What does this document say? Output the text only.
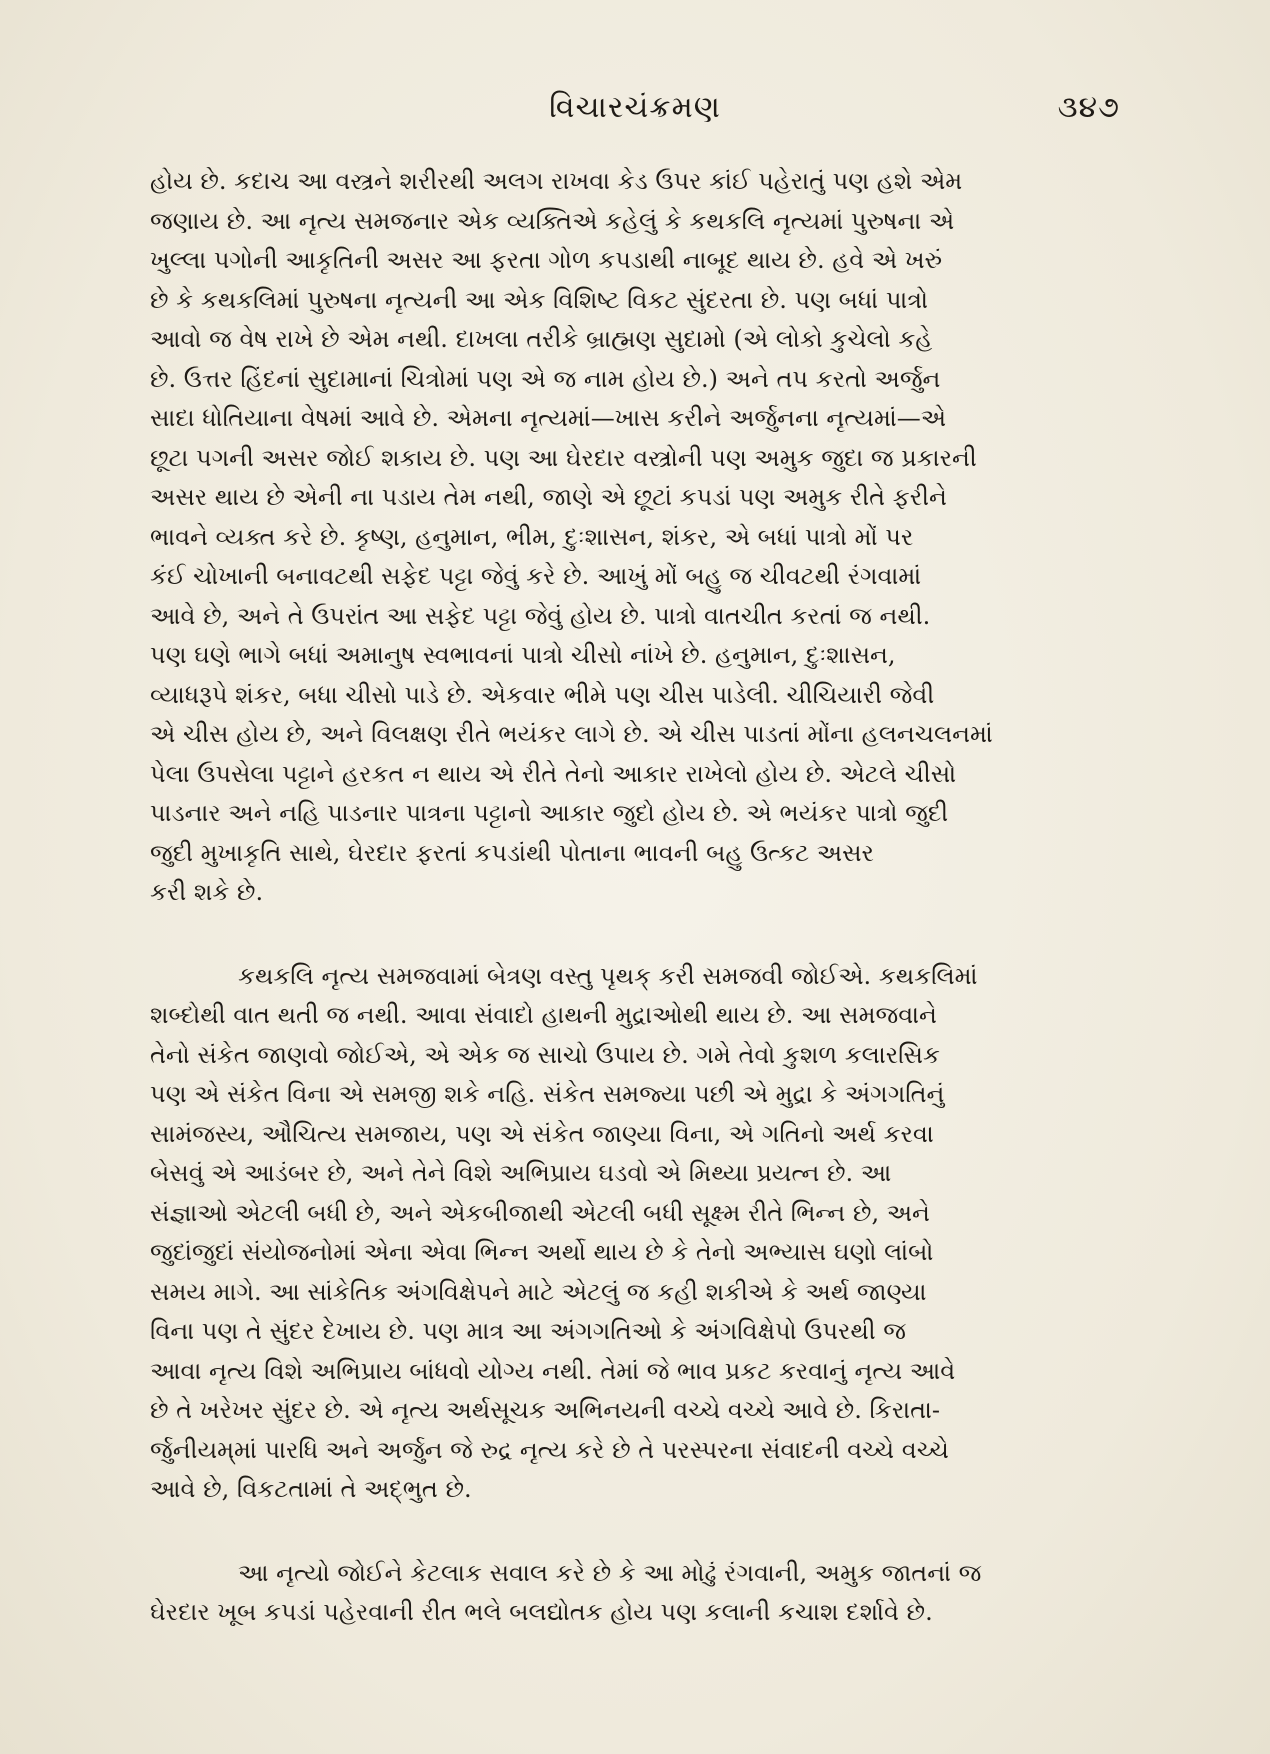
વિચારચંક્રમણ	૩૪૭
હોય છે. કદાચ આ વસ્ત્રને શરીરથી અલગ રાખવા કેડ ઉપર કાંઈ પહેરાતું પણ હશે એમ
જણાય છે. આ નૃત્ય સમજનાર એક વ્યક્તિએ કહેલું કે કથકલિ નૃત્યમાં પુરુષના એ
ખુલ્લા પગોની આકૃતિની અસર આ ફરતા ગોળ કપડાથી નાબૂદ થાય છે. હવે એ ખરું
છે કે કથકલિમાં પુરુષના નૃત્યની આ એક વિશિષ્ટ વિકટ સુંદરતા છે. પણ બધાં પાત્રો
આવો જ વેષ રાખે છે એમ નથી. દાખલા તરીકે બ્રાહ્મણ સુદામો (એ લોકો કુચેલો કહે
છે. ઉત્તર હિંદનાં સુદામાનાં ચિત્રોમાં પણ એ જ નામ હોય છે.) અને તપ કરતો અર્જુન
સાદા ધોતિયાના વેષમાં આવે છે. એમના નૃત્યમાં—ખાસ કરીને અર્જુનના નૃત્યમાં—એ
છૂટા પગની અસર જોઈ શકાય છે. પણ આ ઘેરદાર વસ્ત્રોની પણ અમુક જુદા જ પ્રકારની
અસર થાય છે એની ના પડાય તેમ નથી, જાણે એ છૂટાં કપડાં પણ અમુક રીતે ફરીને
ભાવને વ્યક્ત કરે છે. કૃષ્ણ, હનુમાન, ભીમ, દુઃશાસન, શંકર, એ બધાં પાત્રો મોં પર
કંઈ ચોખાની બનાવટથી સફેદ પટ્ટા જેવું કરે છે. આખું મોં બહુ જ ચીવટથી રંગવામાં
આવે છે, અને તે ઉપરાંત આ સફેદ પટ્ટા જેવું હોય છે. પાત્રો વાતચીત કરતાં જ નથી.
પણ ઘણે ભાગે બધાં અમાનુષ સ્વભાવનાં પાત્રો ચીસો નાંખે છે. હનુમાન, દુઃશાસન,
વ્યાધરૂપે શંકર, બધા ચીસો પાડે છે. એકવાર ભીમે પણ ચીસ પાડેલી. ચીચિયારી જેવી
એ ચીસ હોય છે, અને વિલક્ષણ રીતે ભયંકર લાગે છે. એ ચીસ પાડતાં મોંના હલનચલનમાં
પેલા ઉપસેલા પટ્ટાને હરકત ન થાય એ રીતે તેનો આકાર રાખેલો હોય છે. એટલે ચીસો
પાડનાર અને નહિ પાડનાર પાત્રના પટ્ટાનો આકાર જુદો હોય છે. એ ભયંકર પાત્રો જુદી
જુદી મુખાકૃતિ સાથે, ઘેરદાર ફરતાં કપડાંથી પોતાના ભાવની બહુ ઉત્કટ અસર
કરી શકે છે.
કથકલિ નૃત્ય સમજવામાં બેત્રણ વસ્તુ પૃથક્ કરી સમજવી જોઈએ. કથકલિમાં
શબ્દોથી વાત થતી જ નથી. આવા સંવાદો હાથની મુદ્રાઓથી થાય છે. આ સમજવાને
તેનો સંકેત જાણવો જોઈએ, એ એક જ સાચો ઉપાય છે. ગમે તેવો કુશળ કલારસિક
પણ એ સંકેત વિના એ સમજી શકે નહિ. સંકેત સમજ્યા પછી એ મુદ્રા કે અંગગતિનું
સામંજસ્ય, ઔચિત્ય સમજાય, પણ એ સંકેત જાણ્યા વિના, એ ગતિનો અર્થ કરવા
બેસવું એ આડંબર છે, અને તેને વિશે અભિપ્રાય ઘડવો એ મિથ્યા પ્રયત્ન છે. આ
સંજ્ઞાઓ એટલી બધી છે, અને એકબીજાથી એટલી બધી સૂક્ષ્મ રીતે ભિન્ન છે, અને
જુદાંજુદાં સંયોજનોમાં એના એવા ભિન્ન અર્થો થાય છે કે તેનો અભ્યાસ ઘણો લાંબો
સમય માગે. આ સાંકેતિક અંગવિક્ષેપને માટે એટલું જ કહી શકીએ કે અર્થ જાણ્યા
વિના પણ તે સુંદર દેખાય છે. પણ માત્ર આ અંગગતિઓ કે અંગવિક્ષેપો ઉપરથી જ
આવા નૃત્ય વિશે અભિપ્રાય બાંધવો યોગ્ય નથી. તેમાં જે ભાવ પ્રકટ કરવાનું નૃત્ય આવે
છે તે ખરેખર સુંદર છે. એ નૃત્ય અર્થસૂચક અભિનયની વચ્ચે વચ્ચે આવે છે. કિરાતા-
ર્જુનીયમ્‌માં પારધિ અને અર્જુન જે રુદ્ર નૃત્ય કરે છે તે પરસ્પરના સંવાદની વચ્ચે વચ્ચે
આવે છે, વિકટતામાં તે અદ્‌ભુત છે.
આ નૃત્યો જોઈને કેટલાક સવાલ કરે છે કે આ મોઢું રંગવાની, અમુક જાતનાં જ
ઘેરદાર ખૂબ કપડાં પહેરવાની રીત ભલે બલદ્યોતક હોય પણ કલાની કચાશ દર્શાવે છે.
